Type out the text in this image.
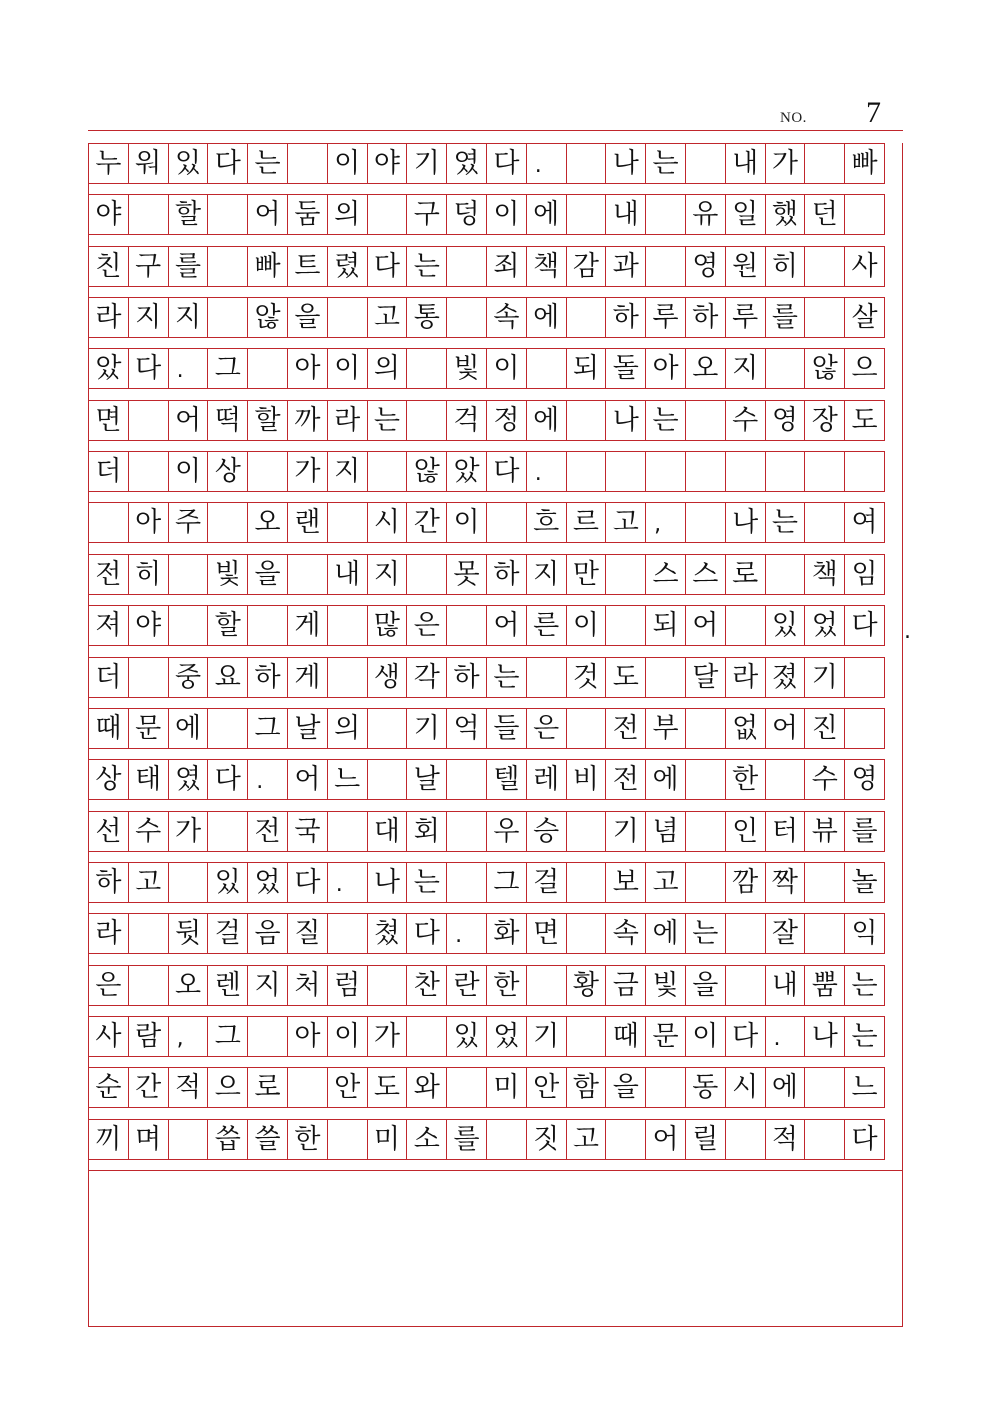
NO. 7
누 워 있 다 는 이 야 기 였 다 .	나 는 내 가 빠
야 할 어 둠 의 구 덩 이 에 내 유 일 했 던
친 구 를 빠 트 렸 다 는 죄 책 감 과 영 원 히 사
라 지 지 않 을 고 통 속 에 하 루 하 루 를 살
았 다 .	그 아 이 의 빛 이 되 돌 아 오 지 않 으
면 어 떡 할 까 라 는 걱 정 에 나 는 수 영 장 도
더 이 상 가 지 않 았 다 .
아 주 오 랜 시 간 이 흐 르 고 ,	나 는 여
전 히 빛 을 내 지 못 하 지 만 스 스 로 책 임
져 야 할 게 많 은 어 른 이 되 어 있 었 다
더 중 요 하 게 생 각 하 는 것 도 달 라 졌 기
때 문 에 그 날 의 기 억 들 은 전 부 없 어 진
상 태 였 다 .	어 느 날 텔 레 비 전 에 한 수 영
선 수 가 전 국 대 회 우 승 기 념 인 터 뷰 를
하 고 있 었 다 .	나 는 그 걸 보 고 깜 짝 놀
라 뒷 걸 음 질 쳤 다 .	화 면 속 에 는 잘 익
은 오 렌 지 처 럼 찬 란 한 황 금 빛 을 내 뿜 는
사 람 ,	그 아 이 가 있 었 기 때 문 이 다 .	나 는
순 간 적 으 로 안 도 와 미 안 함 을 동 시 에 느
끼 며 씁 쓸 한 미 소 를 짓 고 어 릴 적 다
.
